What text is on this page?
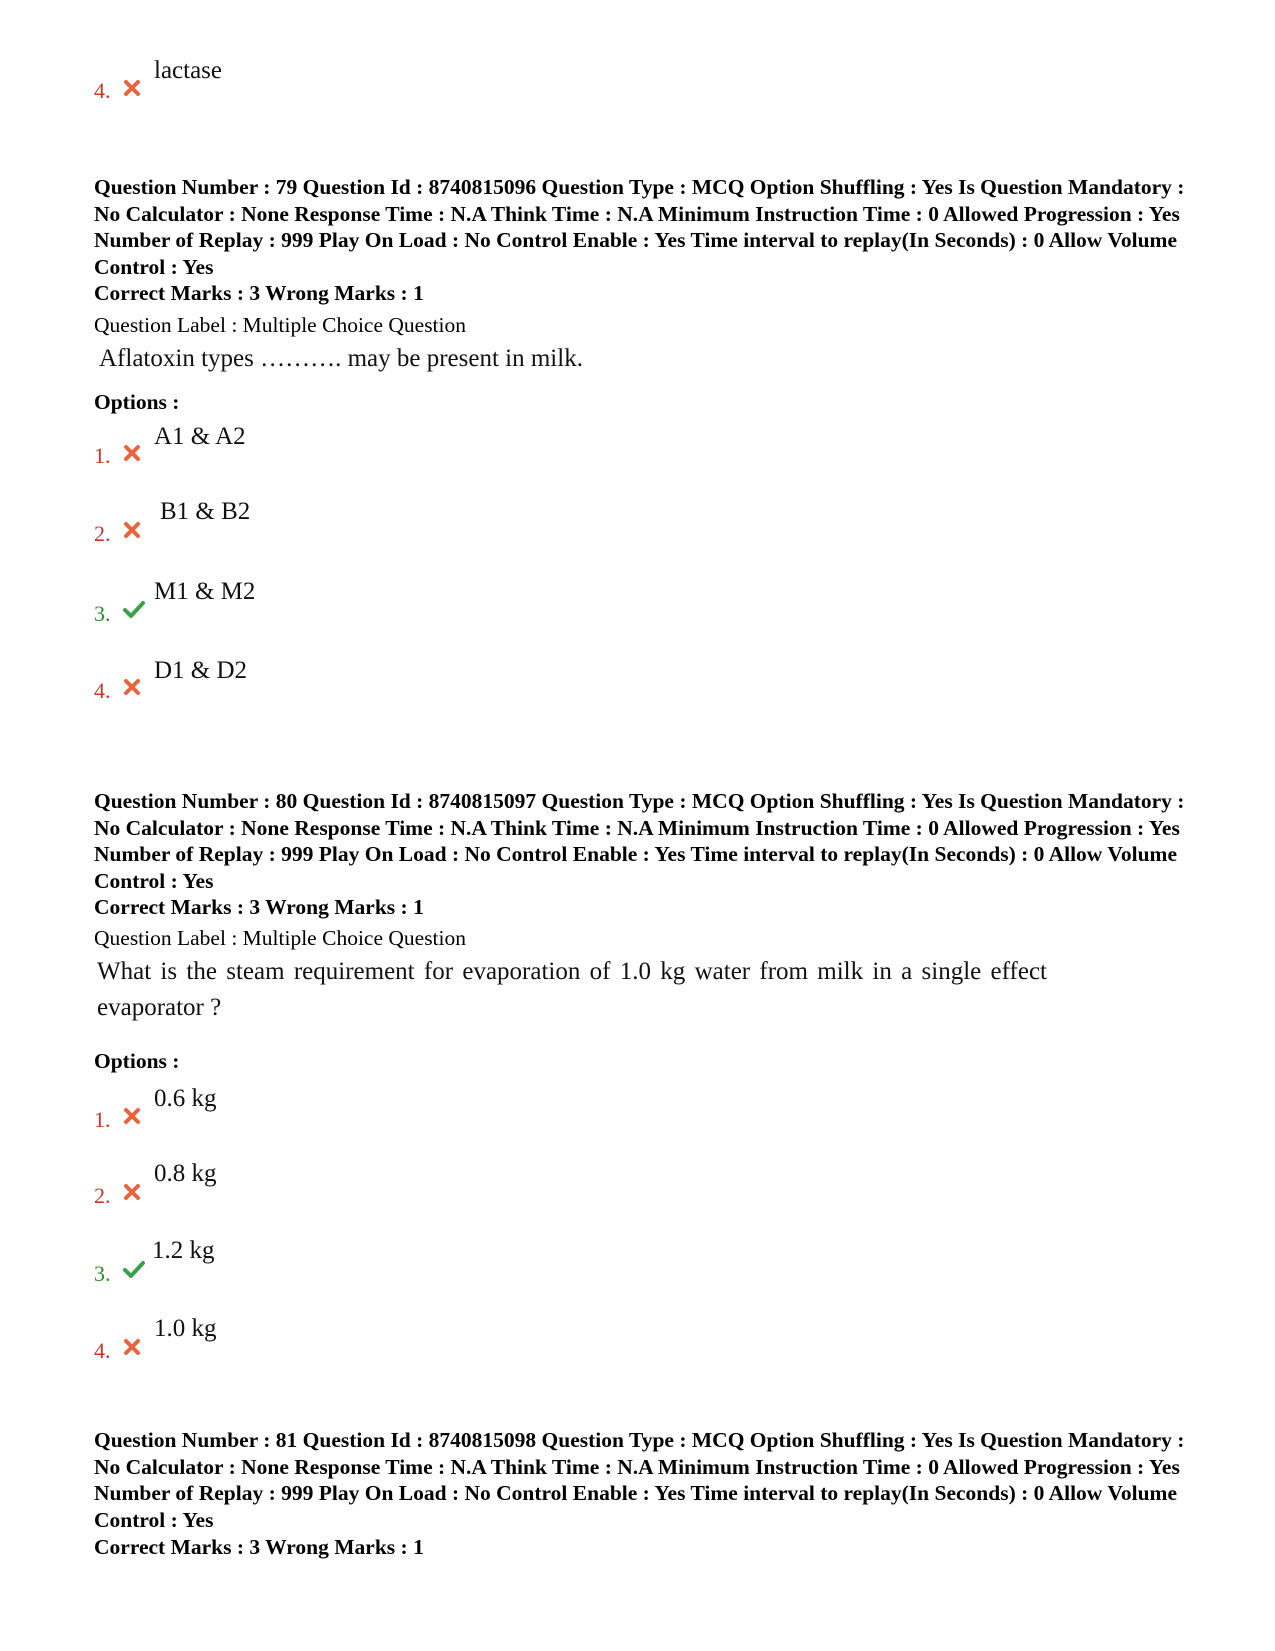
4.
lactase

Question Number : 79 Question Id : 8740815096 Question Type : MCQ Option Shuffling : Yes Is Question Mandatory : No Calculator : None Response Time : N.A Think Time : N.A Minimum Instruction Time : 0 Allowed Progression : Yes Number of Replay : 999 Play On Load : No Control Enable : Yes Time interval to replay(In Seconds) : 0 Allow Volume Control : Yes

Correct Marks : 3 Wrong Marks : 1
Question Label : Multiple Choice Question
Aflatoxin types ………. may be present in milk.
Options :
1.
A1 & A2
2.
B1 & B2
3.
M1 & M2
4.
D1 & D2

Question Number : 80 Question Id : 8740815097 Question Type : MCQ Option Shuffling : Yes Is Question Mandatory : No Calculator : None Response Time : N.A Think Time : N.A Minimum Instruction Time : 0 Allowed Progression : Yes Number of Replay : 999 Play On Load : No Control Enable : Yes Time interval to replay(In Seconds) : 0 Allow Volume Control : Yes

Correct Marks : 3 Wrong Marks : 1
Question Label : Multiple Choice Question
What is the steam requirement for evaporation of 1.0 kg water from milk in a single effect evaporator ?
Options :
1.
0.6 kg
2.
0.8 kg
3.
1.2 kg
4.
1.0 kg

Question Number : 81 Question Id : 8740815098 Question Type : MCQ Option Shuffling : Yes Is Question Mandatory : No Calculator : None Response Time : N.A Think Time : N.A Minimum Instruction Time : 0 Allowed Progression : Yes Number of Replay : 999 Play On Load : No Control Enable : Yes Time interval to replay(In Seconds) : 0 Allow Volume Control : Yes

Correct Marks : 3 Wrong Marks : 1
